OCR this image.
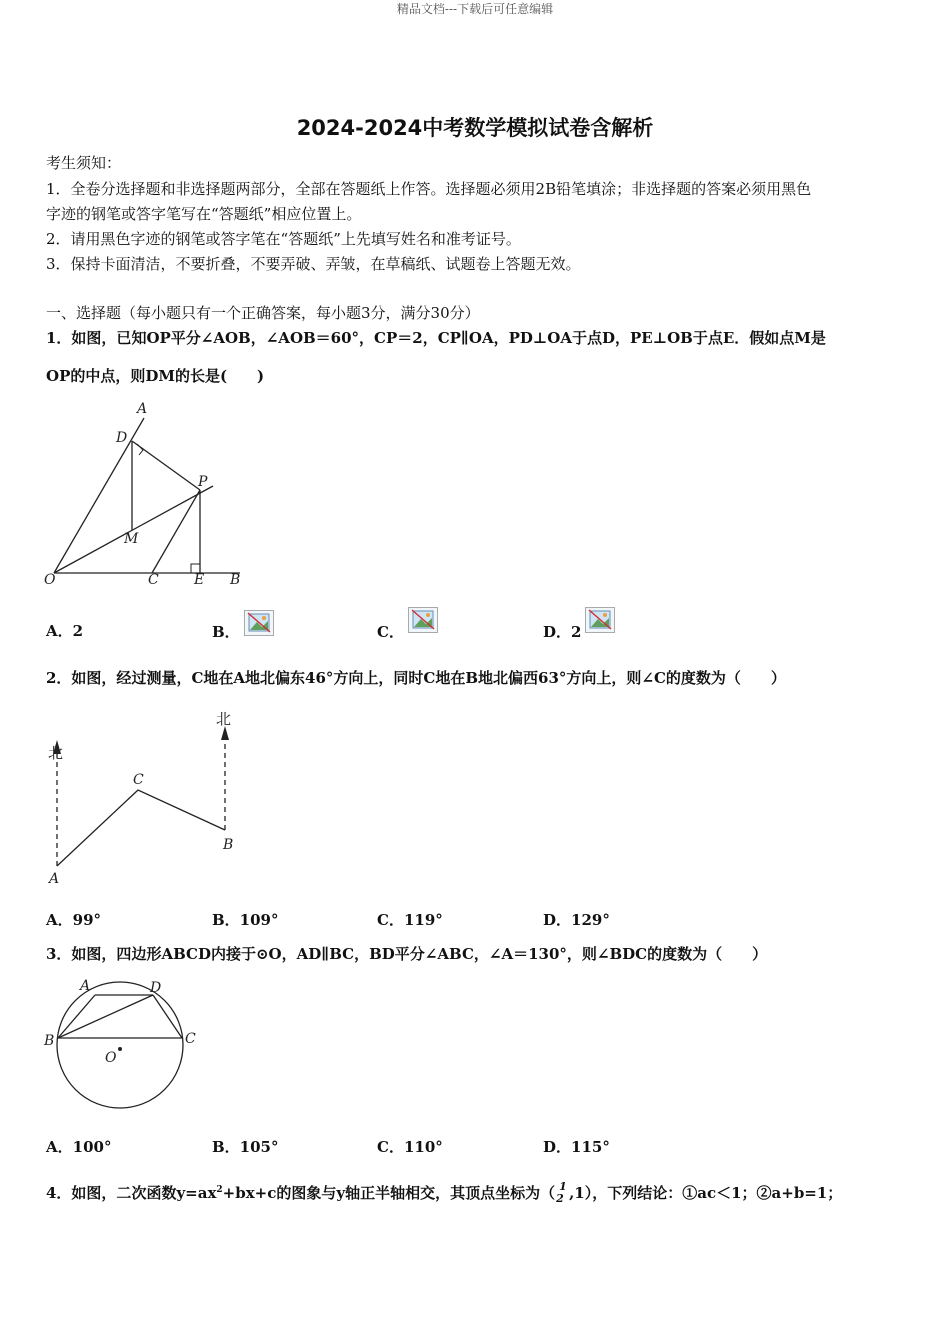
精品文档---下载后可任意编辑
2024-2024中考数学模拟试卷含解析
考生须知：
1．全卷分选择题和非选择题两部分，全部在答题纸上作答。选择题必须用2B铅笔填涂；非选择题的答案必须用黑色
字迹的钢笔或答字笔写在“答题纸”相应位置上。
2．请用黑色字迹的钢笔或答字笔在“答题纸”上先填写姓名和准考证号。
3．保持卡面清洁，不要折叠，不要弄破、弄皱，在草稿纸、试题卷上答题无效。
一、选择题（每小题只有一个正确答案，每小题3分，满分30分）
1．如图，已知OP平分∠AOB，∠AOB＝60°，CP＝2，CP∥OA，PD⊥OA于点D，PE⊥OB于点E．假如点M是
OP的中点，则DM的长是(　　)
A
D
P
M
O	C	E B
A．2	B．	C．	D．2
2．如图，经过测量，C地在A地北偏东46°方向上，同时C地在B地北偏西63°方向上，则∠C的度数为（　　）
北
北
C
A
B
A．99°	B．109°	C．119°	D．129°
3．如图，四边形ABCD内接于⊙O，AD∥BC，BD平分∠ABC，∠A＝130°，则∠BDC的度数为（　　）
A	D
B	C
O
A．100°	B．105°	C．110°	D．115°
4．如图，二次函数$y=ax^2+bx+c$的图象与y轴正半轴相交，其顶点坐标为（ 1
2 ,1），下列结论：①ac＜1；②a+b=1；
